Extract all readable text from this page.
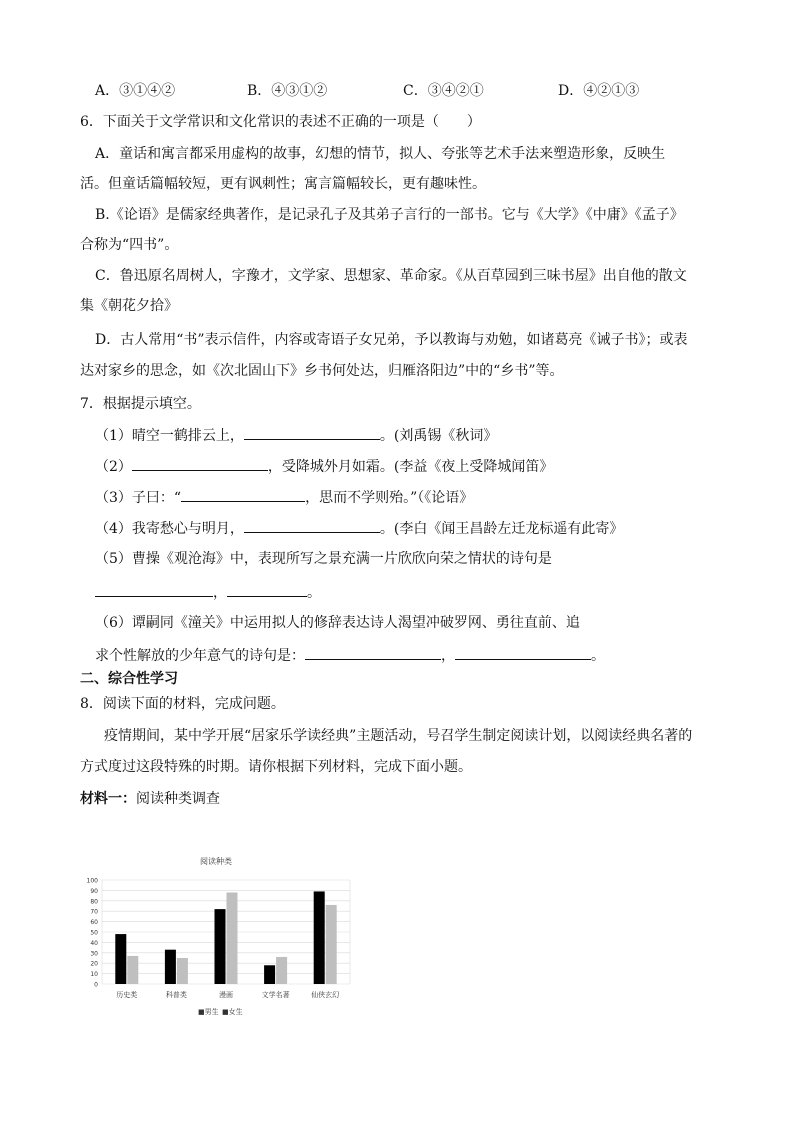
A．③①④②	B．④③①②	C．③④②①	D．④②①③
6．下面关于文学常识和文化常识的表述不正确的一项是（　　）
A．童话和寓言都采用虚构的故事，幻想的情节，拟人、夸张等艺术手法来塑造形象，反映生
活。但童话篇幅较短，更有讽刺性；寓言篇幅较长，更有趣味性。
B.《论语》是儒家经典著作，是记录孔子及其弟子言行的一部书。它与《大学》《中庸》《孟子》
合称为“四书”。
C．鲁迅原名周树人，字豫才，文学家、思想家、革命家。《从百草园到三味书屋》出自他的散文
集《朝花夕拾》
D．古人常用“书”表示信件，内容或寄语子女兄弟，予以教诲与劝勉，如诸葛亮《诫子书》；或表
达对家乡的思念，如《次北固山下》乡书何处达，归雁洛阳边”中的“乡书”等。
7．根据提示填空。
（1）晴空一鹤排云上，	。(刘禹锡《秋词》
（2）	，受降城外月如霜。(李益《夜上受降城闻笛》
（3）子曰：“	，思而不学则殆。”（《论语》
（4）我寄愁心与明月，	。(李白《闻王昌龄左迁龙标遥有此寄》
（5）曹操《观沧海》中，表现所写之景充满一片欣欣向荣之情状的诗句是
，	。
（6）谭嗣同《潼关》中运用拟人的修辞表达诗人渴望冲破罗网、勇往直前、追
求个性解放的少年意气的诗句是：	，	。
二、综合性学习
8．阅读下面的材料，完成问题。
疫情期间，某中学开展“居家乐学读经典”主题活动，号召学生制定阅读计划，以阅读经典名著的
方式度过这段特殊的时期。请你根据下列材料，完成下面小题。
材料一：阅读种类调查
阅读种类
0
10
20
30
40
50
60
70
80
90
100
历史类	科普类	漫画	文学名著	仙侠玄幻
■男生 ■女生
